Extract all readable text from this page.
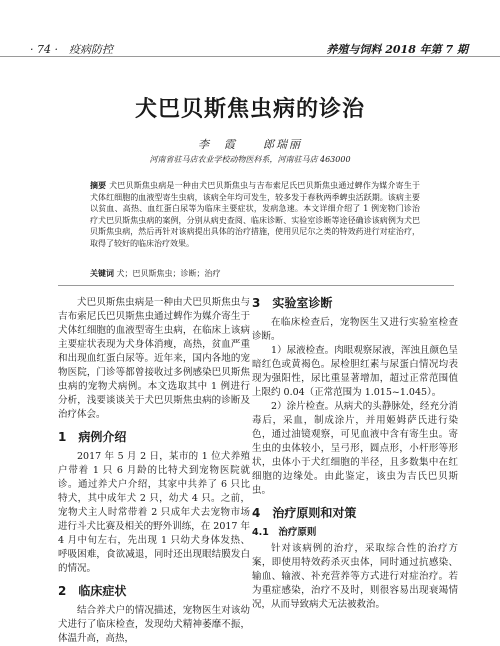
· 74 ·　疫病防控	养殖与饲料 2018 年第 7 期
犬巴贝斯焦虫病的诊治
李　霞　　郎瑞丽
河南省驻马店农业学校动物医科系，河南驻马店 463000
摘要 犬巴贝斯焦虫病是一种由犬巴贝斯焦虫与吉布索尼氏巴贝斯焦虫通过蜱作为媒介寄生于犬体红细胞的血液型寄生虫病，该病全年均可发生，较多发于春秋两季蜱虫活跃期。该病主要以贫血、高热、血红蛋白尿等为临床主要症状，发病急速。本文详细介绍了 1 例宠物门诊治疗犬巴贝斯焦虫病的案例，分别从病史查阅、临床诊断、实验室诊断等途径确诊该病例为犬巴贝斯焦虫病，然后再针对该病提出具体的治疗措施，使用贝尼尔之类的特效药进行对症治疗，取得了较好的临床治疗效果。
关键词 犬；巴贝斯焦虫；诊断；治疗

犬巴贝斯焦虫病是一种由犬巴贝斯焦虫与吉布索尼氏巴贝斯焦虫通过蜱作为媒介寄生于犬体红细胞的血液型寄生虫病，在临床上该病主要症状表现为犬身体消瘦，高热，贫血严重和出现血红蛋白尿等。近年来，国内各地的宠物医院，门诊等都曾接收过多例感染巴贝斯焦虫病的宠物犬病例。本文选取其中 1 例进行分析，浅要谈谈关于犬巴贝斯焦虫病的诊断及治疗体会。

1　病例介绍

2017 年 5 月 2 日，某市的 1 位犬养殖户带着 1 只 6 月龄的比特犬到宠物医院就诊。通过养犬户介绍，其家中共养了 6 只比特犬，其中成年犬 2 只，幼犬 4 只。之前，宠物犬主人时常带着 2 只成年犬去宠物市场进行斗犬比赛及相关的野外训练，在 2017 年 4 月中旬左右，先出现 1 只幼犬身体发热、呼吸困难，食欲减退，同时还出现眼结膜发白的情况。

2　临床症状

结合养犬户的情况描述，宠物医生对该幼犬进行了临床检查，发现幼犬精神萎靡不振，体温升高，高热，

3　实验室诊断

在临床检查后，宠物医生又进行实验室检查诊断。

1）尿液检查。肉眼观察尿液，浑浊且颜色呈暗红色或黄褐色。尿检胆红素与尿蛋白情况均表现为强阳性，尿比重显著增加，超过正常范围值上限约 0.04（正常范围为 1.015~1.045）。

2）涂片检查。从病犬的头静脉处，经充分消毒后，采血，制成涂片，并用姬姆萨氏进行染色，通过油镜观察，可见血液中含有寄生虫。寄生虫的虫体较小，呈弓形，圆点形，小杆形等形状，虫体小于犬红细胞的半径，且多数集中在红细胞的边缘处。由此鉴定，该虫为吉氏巴贝斯虫。

4　治疗原则和对策
4.1　治疗原则

针对该病例的治疗，采取综合性的治疗方案，即使用特效药杀灭虫体，同时通过抗感染、输血、输液、补充营养等方式进行对症治疗。若为重症感染，治疗不及时，则很容易出现衰竭情况，从而导致病犬无法被救治。
